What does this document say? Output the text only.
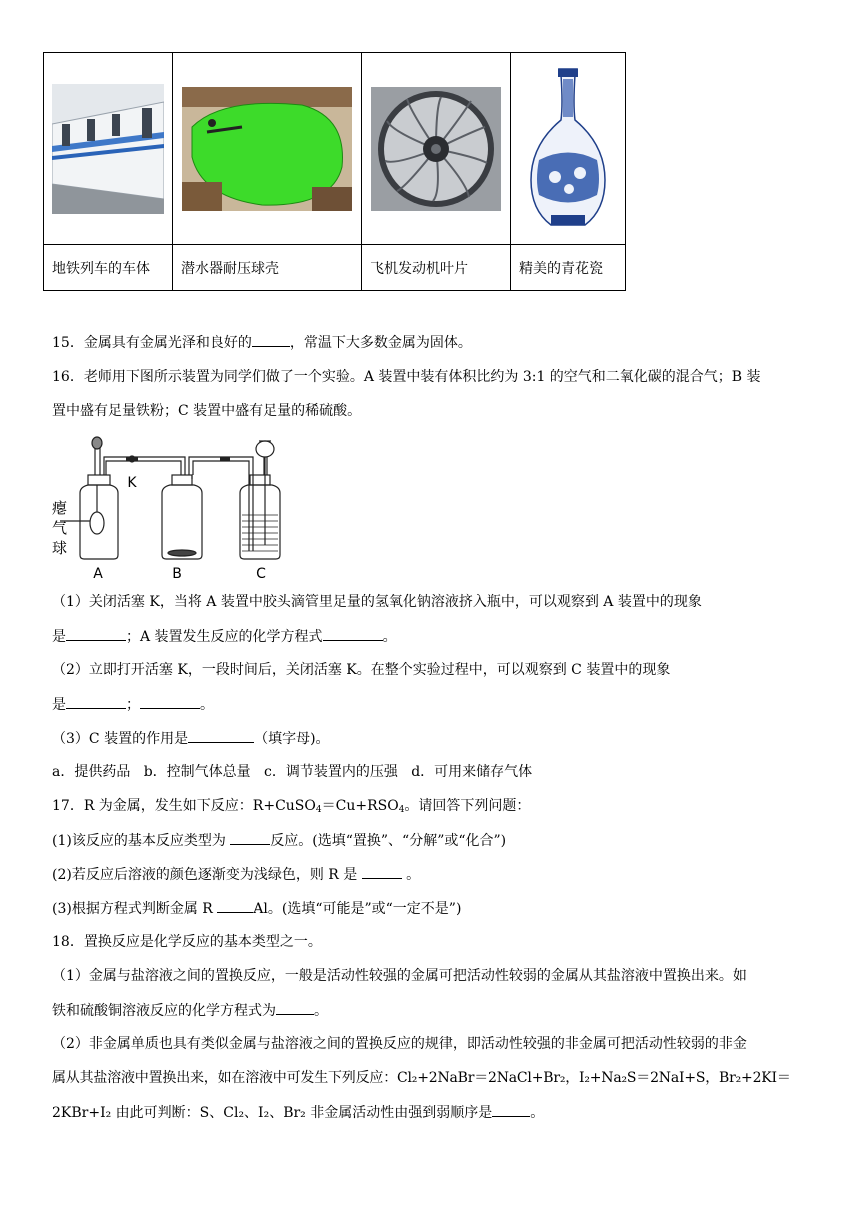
地铁列车的车体	潜水器耐压球壳	飞机发动机叶片	精美的青花瓷
15．金属具有金属光泽和良好的	，常温下大多数金属为固体。
16．老师用下图所示装置为同学们做了一个实验。A 装置中装有体积比约为 3:1 的空气和二氧化碳的混合气；B 装
置中盛有足量铁粉；C 装置中盛有足量的稀硫酸。
瘪
气
球
K
A	B	C
（1）关闭活塞 K，当将 A 装置中胶头滴管里足量的氢氧化钠溶液挤入瓶中，可以观察到 A 装置中的现象
是	；A 装置发生反应的化学方程式	。
（2）立即打开活塞 K，一段时间后，关闭活塞 K。在整个实验过程中，可以观察到 C 装置中的现象
是	；	。
（3）C 装置的作用是	（填字母)。
a．提供药品   b．控制气体总量   c．调节装置内的压强   d．可用来储存气体
17．R 为金属，发生如下反应：$R+CuSO_4=Cu+RSO_4$。请回答下列问题：
(1)该反应的基本反应类型为	反应。(选填“置换”、“分解”或“化合”)
(2)若反应后溶液的颜色逐渐变为浅绿色，则 R 是	。
(3)根据方程式判断金属 R	Al。(选填“可能是”或“一定不是”)
18．置换反应是化学反应的基本类型之一。
（1）金属与盐溶液之间的置换反应，一般是活动性较强的金属可把活动性较弱的金属从其盐溶液中置换出来。如
铁和硫酸铜溶液反应的化学方程式为	。
（2）非金属单质也具有类似金属与盐溶液之间的置换反应的规律，即活动性较强的非金属可把活动性较弱的非金
属从其盐溶液中置换出来，如在溶液中可发生下列反应：Cl₂+2NaBr＝2NaCl+Br₂，I₂+Na₂S＝2NaI+S，Br₂+2KI＝
2KBr+I₂ 由此可判断：S、Cl₂、I₂、Br₂ 非金属活动性由强到弱顺序是	。
